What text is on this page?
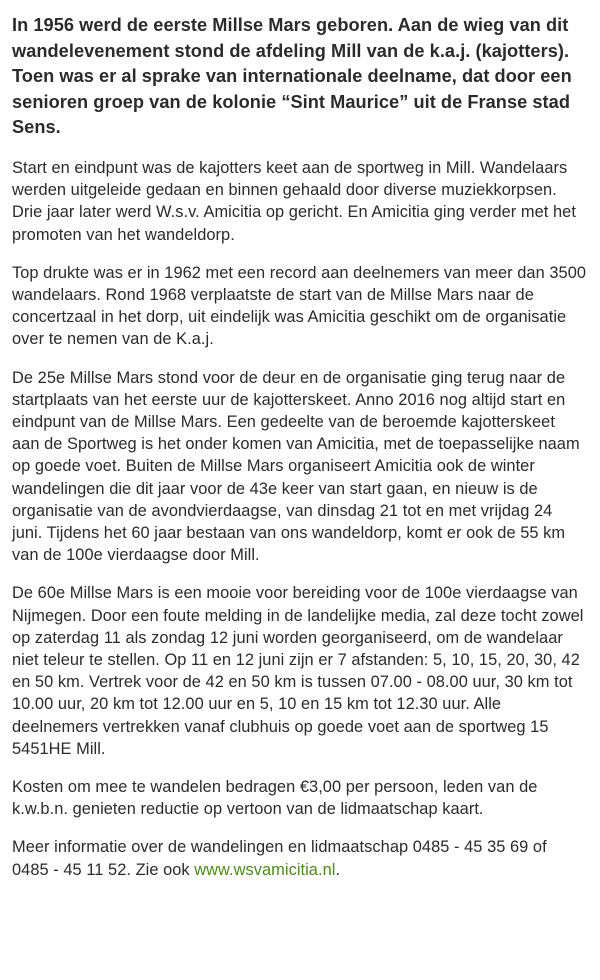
In 1956 werd de eerste Millse Mars geboren. Aan de wieg van dit wandelevenement stond de afdeling Mill van de k.a.j. (kajotters). Toen was er al sprake van internationale deelname, dat door een senioren groep van de kolonie “Sint Maurice” uit de Franse stad Sens.

Start en eindpunt was de kajotters keet aan de sportweg in Mill. Wandelaars werden uitgeleide gedaan en binnen gehaald door diverse muziekkorpsen. Drie jaar later werd W.s.v. Amicitia op gericht. En Amicitia ging verder met het promoten van het wandeldorp.

Top drukte was er in 1962 met een record aan deelnemers van meer dan 3500 wandelaars. Rond 1968 verplaatste de start van de Millse Mars naar de concertzaal in het dorp, uit eindelijk was Amicitia geschikt om de organisatie over te nemen van de K.a.j.

De 25e Millse Mars stond voor de deur en de organisatie ging terug naar de startplaats van het eerste uur de kajotterskeet. Anno 2016 nog altijd start en eindpunt van de Millse Mars. Een gedeelte van de beroemde kajotterskeet aan de Sportweg is het onder komen van Amicitia, met de toepasselijke naam op goede voet. Buiten de Millse Mars organiseert Amicitia ook de winter wandelingen die dit jaar voor de 43e keer van start gaan, en nieuw is de organisatie van de avondvierdaagse, van dinsdag 21 tot en met vrijdag 24 juni. Tijdens het 60 jaar bestaan van ons wandeldorp, komt er ook de 55 km van de 100e vierdaagse door Mill.

De 60e Millse Mars is een mooie voor bereiding voor de 100e vierdaagse van Nijmegen. Door een foute melding in de landelijke media, zal deze tocht zowel op zaterdag 11 als zondag 12 juni worden georganiseerd, om de wandelaar niet teleur te stellen. Op 11 en 12 juni zijn er 7 afstanden: 5, 10, 15, 20, 30, 42 en 50 km. Vertrek voor de 42 en 50 km is tussen 07.00 - 08.00 uur, 30 km tot 10.00 uur, 20 km tot 12.00 uur en 5, 10 en 15 km tot 12.30 uur. Alle deelnemers vertrekken vanaf clubhuis op goede voet aan de sportweg 15 5451HE Mill.

Kosten om mee te wandelen bedragen €3,00 per persoon, leden van de k.w.b.n. genieten reductie op vertoon van de lidmaatschap kaart.

Meer informatie over de wandelingen en lidmaatschap 0485 - 45 35 69 of 0485 - 45 11 52. Zie ook www.wsvamicitia.nl.
